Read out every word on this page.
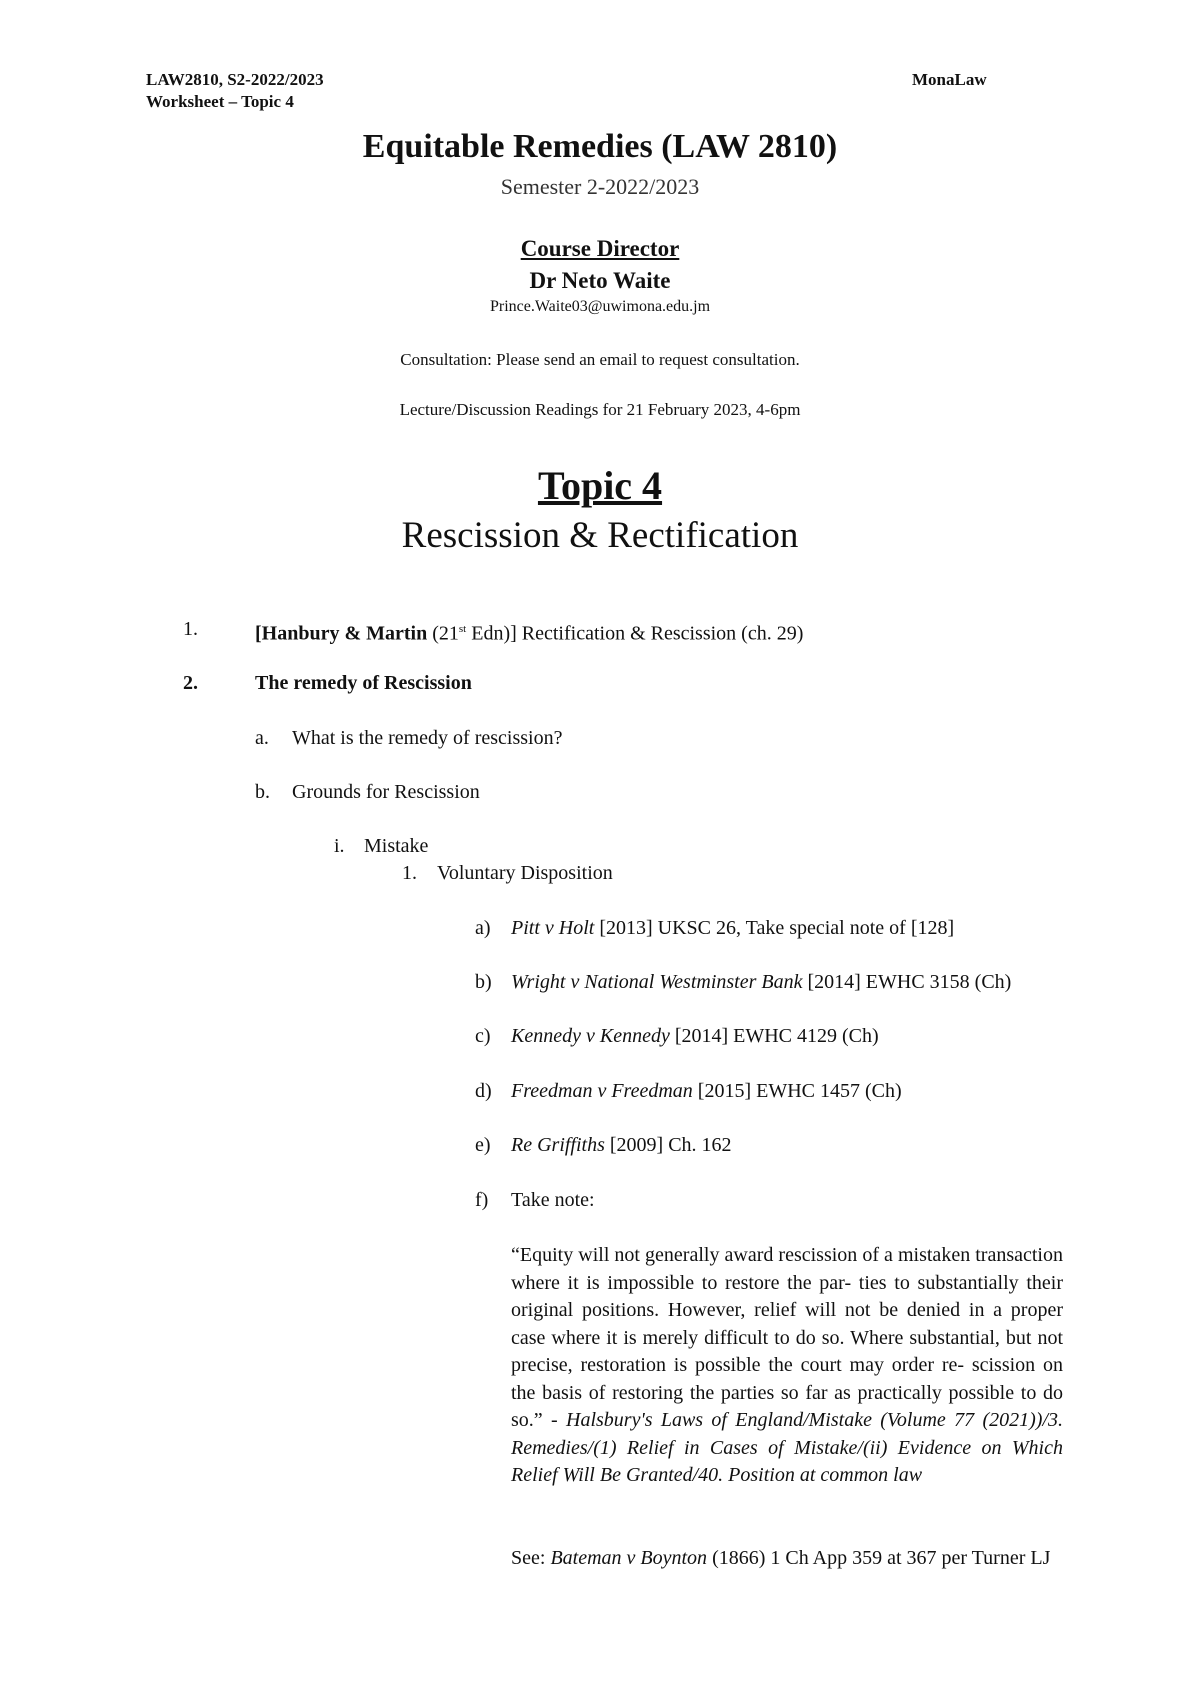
LAW2810, S2-2022/2023
Worksheet – Topic 4
MonaLaw
Equitable Remedies (LAW 2810)
Semester 2-2022/2023
Course Director
Dr Neto Waite
Prince.Waite03@uwimona.edu.jm
Consultation: Please send an email to request consultation.
Lecture/Discussion Readings for 21 February 2023, 4-6pm
Topic 4
Rescission & Rectification
1.	[Hanbury & Martin (21st Edn)] Rectification & Rescission (ch. 29)
2.	The remedy of Rescission
a. What is the remedy of rescission?
b. Grounds for Rescission
i. Mistake
1. Voluntary Disposition
a) Pitt v Holt [2013] UKSC 26, Take special note of [128]
b) Wright v National Westminster Bank [2014] EWHC 3158 (Ch)
c) Kennedy v Kennedy [2014] EWHC 4129 (Ch)
d) Freedman v Freedman [2015] EWHC 1457 (Ch)
e) Re Griffiths [2009] Ch. 162
f) Take note:
“Equity will not generally award rescission of a mistaken transaction where it is impossible to restore the par- ties to substantially their original positions. However, relief will not be denied in a proper case where it is merely difficult to do so. Where substantial, but not precise, restoration is possible the court may order re- scission on the basis of restoring the parties so far as practically possible to do so.” - Halsbury's Laws of England/Mistake (Volume 77 (2021))/3. Remedies/(1) Relief in Cases of Mistake/(ii) Evidence on Which Relief Will Be Granted/40. Position at common law
See: Bateman v Boynton (1866) 1 Ch App 359 at 367 per Turner LJ
